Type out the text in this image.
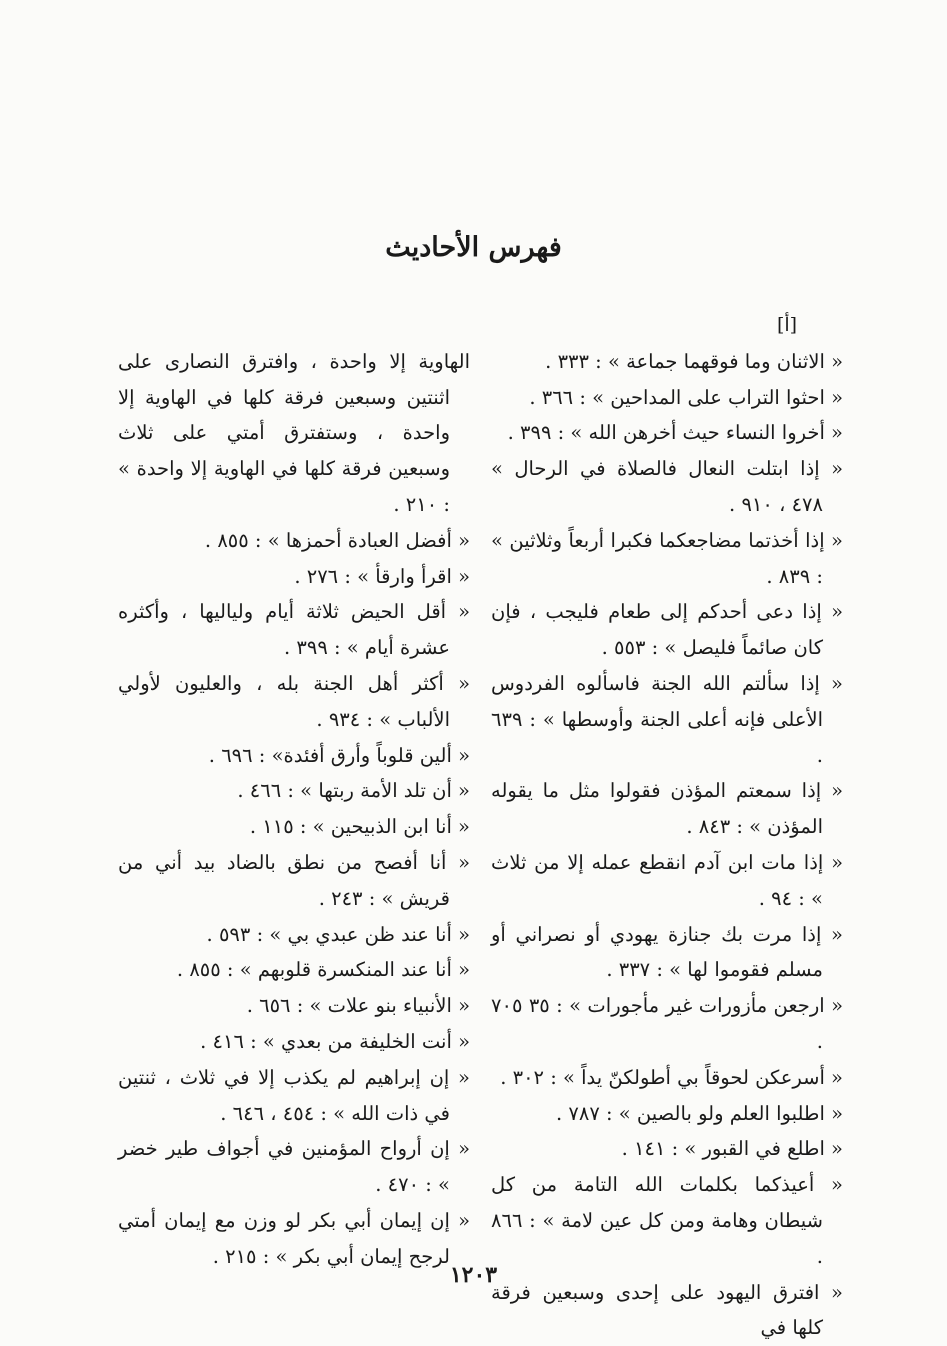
فهرس الأحاديث
[أ]

« الاثنان وما فوقهما جماعة » : ٣٣٣ .

« احثوا التراب على المداحين » : ٣٦٦ .

« أخروا النساء حيث أخرهن الله » : ٣٩٩ .

« إذا ابتلت النعال فالصلاة في الرحال » ٤٧٨ ، ٩١٠ .

« إذا أخذتما مضاجعكما فكبرا أربعاً وثلاثين » : ٨٣٩ .

« إذا دعى أحدكم إلى طعام فليجب ، فإن كان صائماً فليصل » : ٥٥٣ .

« إذا سألتم الله الجنة فاسألوه الفردوس الأعلى فإنه أعلى الجنة وأوسطها » : ٦٣٩ .

« إذا سمعتم المؤذن فقولوا مثل ما يقوله المؤذن » : ٨٤٣ .

« إذا مات ابن آدم انقطع عمله إلا من ثلاث » : ٩٤ .

« إذا مرت بك جنازة يهودي أو نصراني أو مسلم فقوموا لها » : ٣٣٧ .

« ارجعن مأزورات غير مأجورات » : ٣٥ ٧٠٥ .

« أسرعكن لحوقاً بي أطولكنّ يداً » : ٣٠٢ .

« اطلبوا العلم ولو بالصين » : ٧٨٧ .

« اطلع في القبور » : ١٤١ .

« أعيذكما بكلمات الله التامة من كل شيطان وهامة ومن كل عين لامة » : ٨٦٦ .

« افترق اليهود على إحدى وسبعين فرقة كلها في

الهاوية إلا واحدة ، وافترق النصارى على اثنتين وسبعين فرقة كلها في الهاوية إلا واحدة ، وستفترق أمتي على ثلاث وسبعين فرقة كلها في الهاوية إلا واحدة » : ٢١٠ .

« أفضل العبادة أحمزها » : ٨٥٥ .

« اقرأ وارقأ » : ٢٧٦ .

« أقل الحيض ثلاثة أيام ولياليها ، وأكثره عشرة أيام » : ٣٩٩ .

« أكثر أهل الجنة بله ، والعليون لأولي الألباب » : ٩٣٤ .

« ألين قلوباً وأرق أفئدة» : ٦٩٦ .

« أن تلد الأمة ربتها » : ٤٦٦ .

« أنا ابن الذبيحين » : ١١٥ .

« أنا أفصح من نطق بالضاد بيد أني من قريش » : ٢٤٣ .

« أنا عند ظن عبدي بي » : ٥٩٣ .

« أنا عند المنكسرة قلوبهم » : ٨٥٥ .

« الأنبياء بنو علات » : ٦٥٦ .

« أنت الخليفة من بعدي » : ٤١٦ .

« إن إبراهيم لم يكذب إلا في ثلاث ، ثنتين في ذات الله » : ٤٥٤ ، ٦٤٦ .

« إن أرواح المؤمنين في أجواف طير خضر » : ٤٧٠ .

« إن إيمان أبي بكر لو وزن مع إيمان أمتي لرجح إيمان أبي بكر » : ٢١٥ .

١٢٠٣
